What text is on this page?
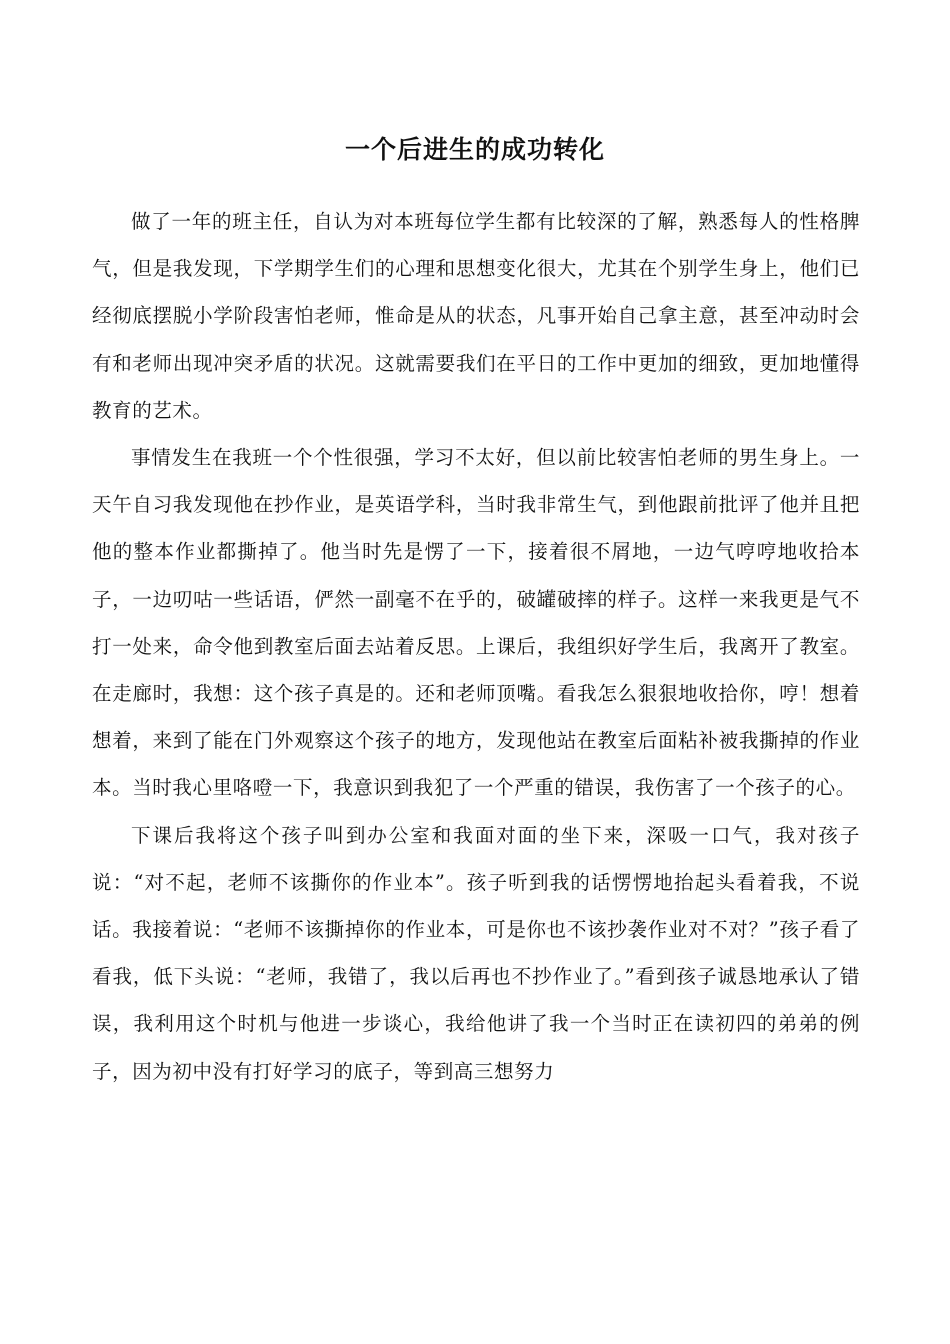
一个后进生的成功转化

做了一年的班主任，自认为对本班每位学生都有比较深的了解，熟悉每人的性格脾气，但是我发现，下学期学生们的心理和思想变化很大，尤其在个别学生身上，他们已经彻底摆脱小学阶段害怕老师，惟命是从的状态，凡事开始自己拿主意，甚至冲动时会有和老师出现冲突矛盾的状况。这就需要我们在平日的工作中更加的细致，更加地懂得教育的艺术。

事情发生在我班一个个性很强，学习不太好，但以前比较害怕老师的男生身上。一天午自习我发现他在抄作业，是英语学科，当时我非常生气，到他跟前批评了他并且把他的整本作业都撕掉了。他当时先是愣了一下，接着很不屑地，一边气哼哼地收拾本子，一边叨咕一些话语，俨然一副毫不在乎的，破罐破摔的样子。这样一来我更是气不打一处来，命令他到教室后面去站着反思。上课后，我组织好学生后，我离开了教室。在走廊时，我想：这个孩子真是的。还和老师顶嘴。看我怎么狠狠地收拾你，哼！想着想着，来到了能在门外观察这个孩子的地方，发现他站在教室后面粘补被我撕掉的作业本。当时我心里咯噔一下，我意识到我犯了一个严重的错误，我伤害了一个孩子的心。

下课后我将这个孩子叫到办公室和我面对面的坐下来，深吸一口气，我对孩子说：“对不起，老师不该撕你的作业本”。孩子听到我的话愣愣地抬起头看着我，不说话。我接着说：“老师不该撕掉你的作业本，可是你也不该抄袭作业对不对？”孩子看了看我，低下头说：“老师，我错了，我以后再也不抄作业了。”看到孩子诚恳地承认了错误，我利用这个时机与他进一步谈心，我给他讲了我一个当时正在读初四的弟弟的例子，因为初中没有打好学习的底子，等到高三想努力
